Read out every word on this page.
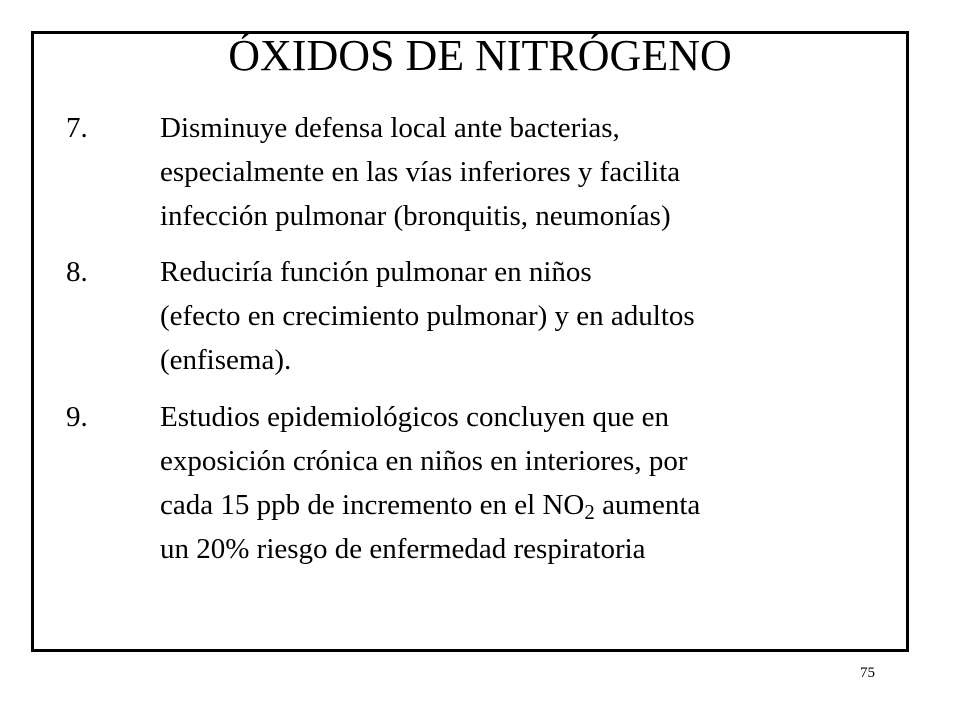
ÓXIDOS DE NITRÓGENO
7.	Disminuye defensa local ante bacterias,
especialmente en las vías inferiores y facilita
infección pulmonar (bronquitis, neumonías)
8.	Reduciría función pulmonar en niños
(efecto en crecimiento pulmonar) y en adultos
(enfisema).
9.	Estudios epidemiológicos concluyen que en
exposición crónica en niños en interiores, por
cada 15 ppb de incremento en el $NO_2$ aumenta
un 20% riesgo de enfermedad respiratoria
75
